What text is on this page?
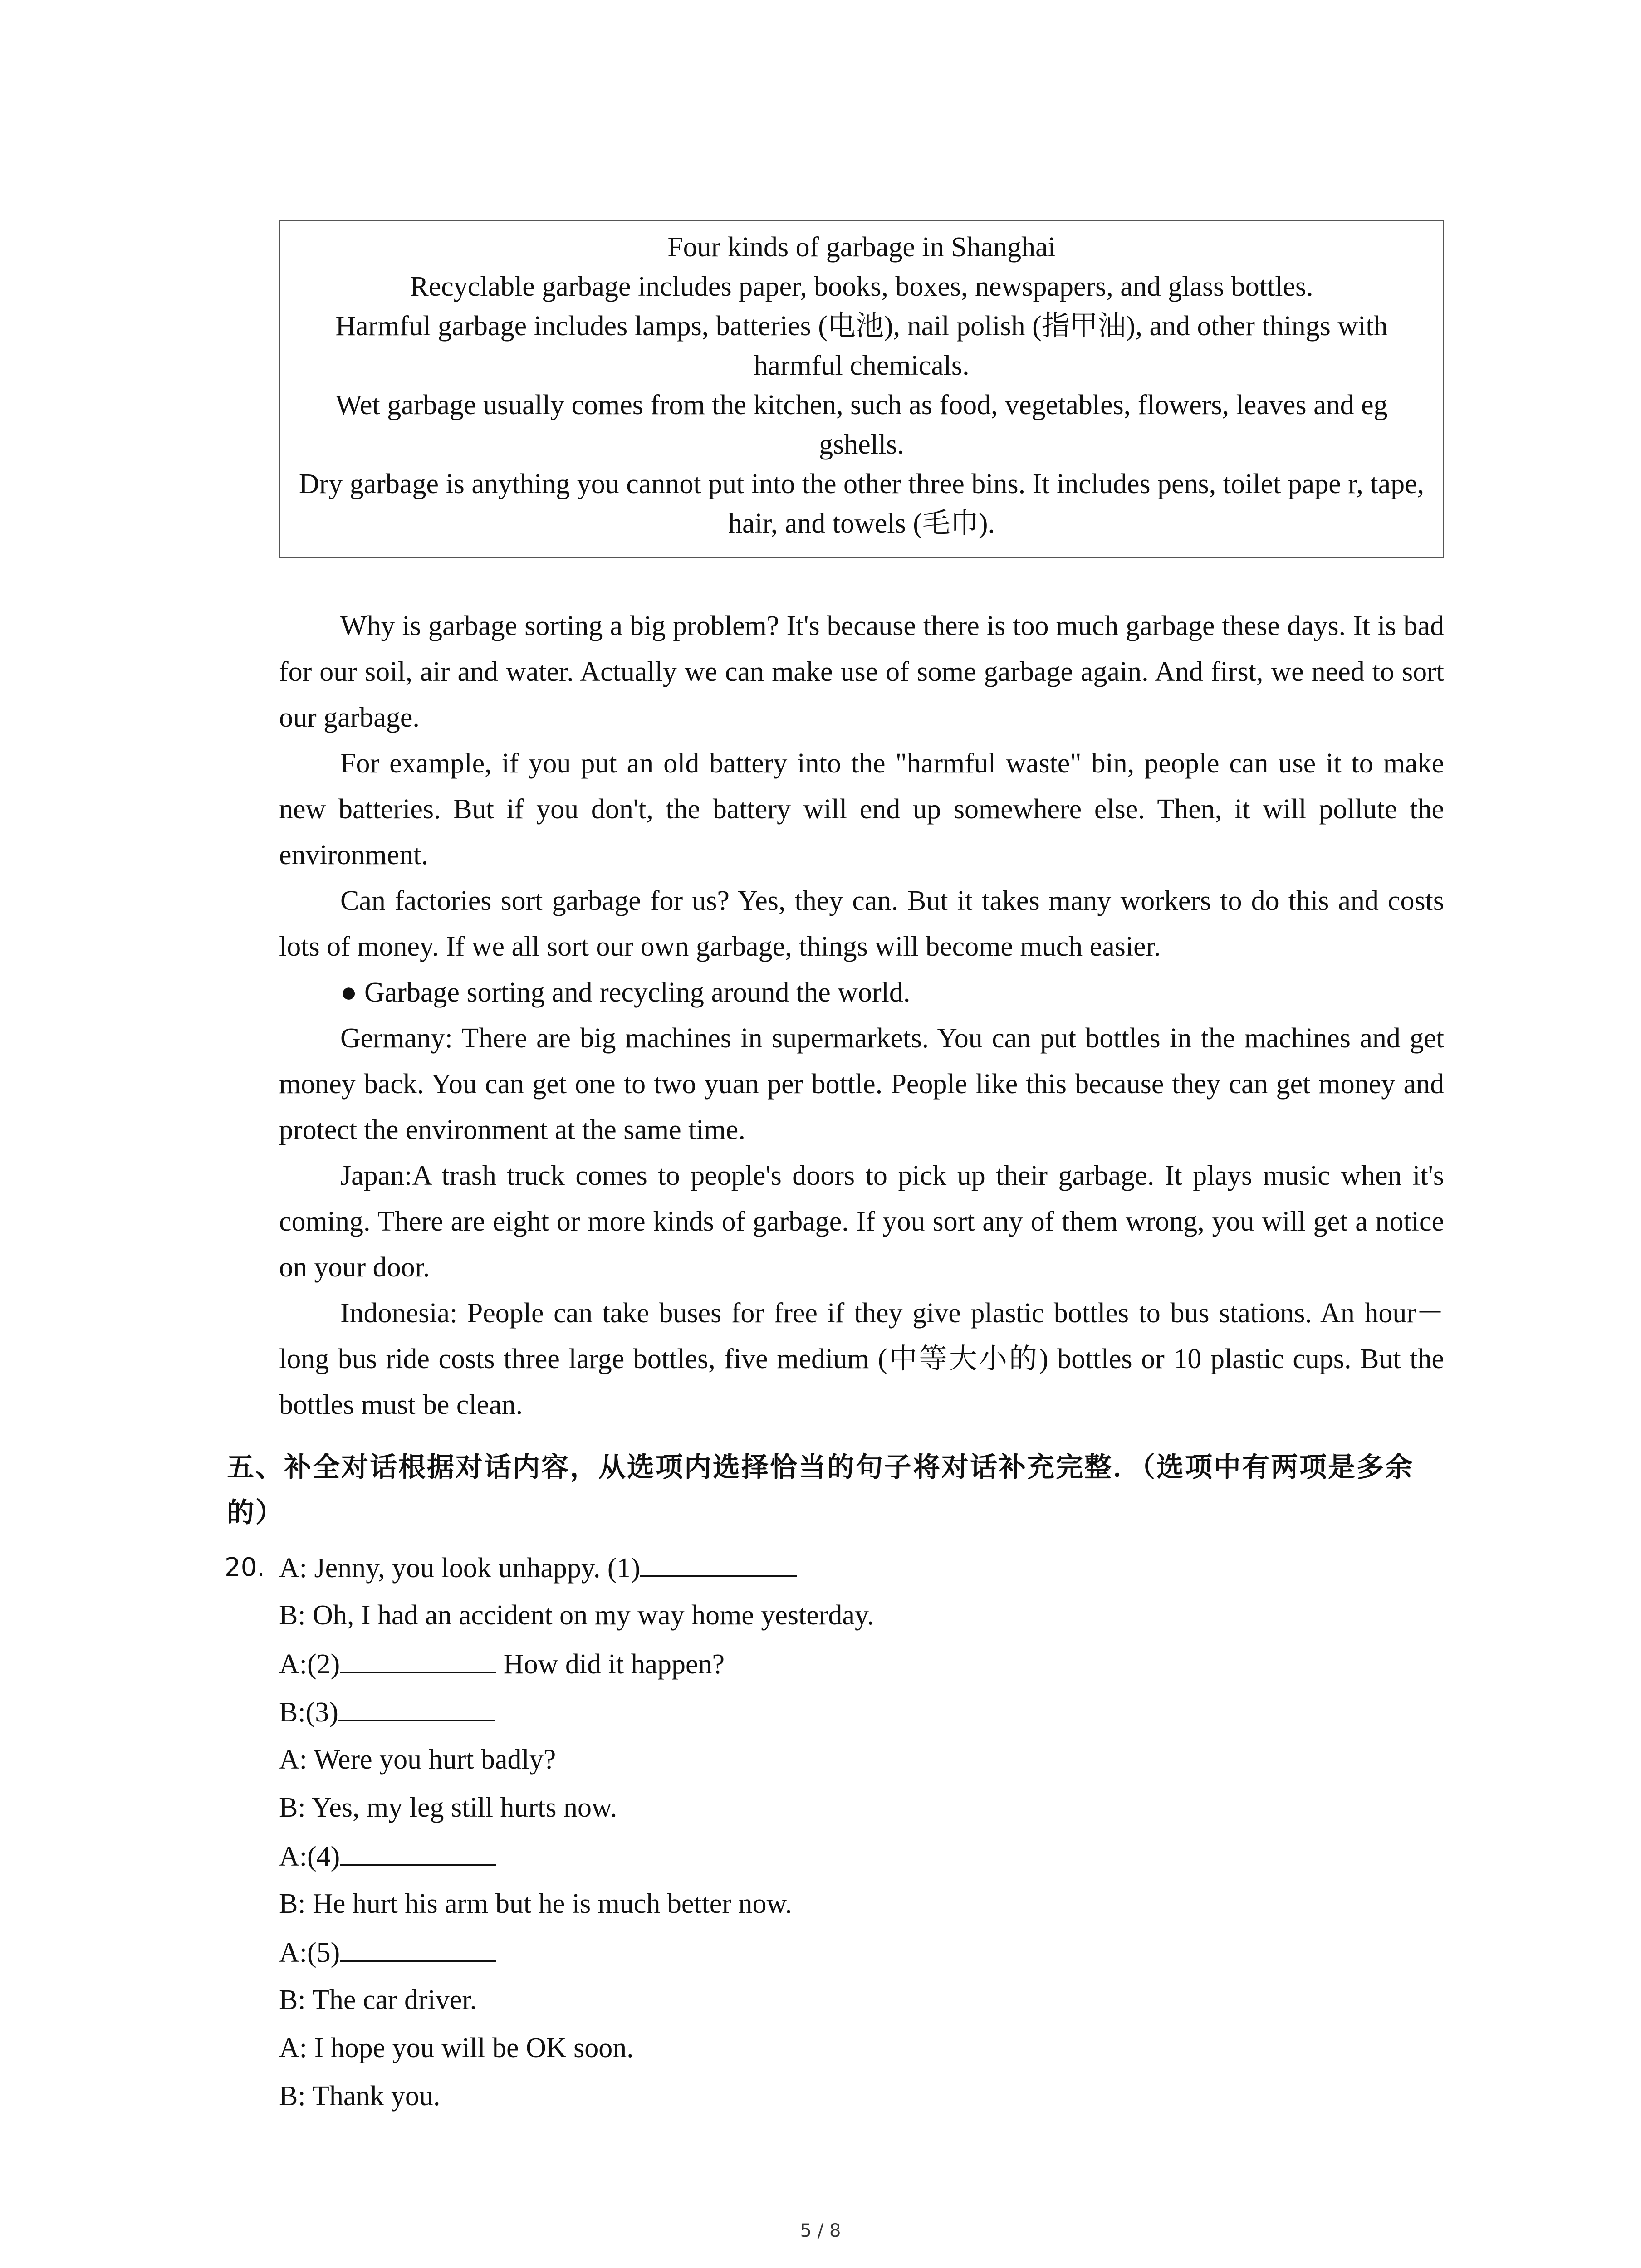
Four kinds of garbage in Shanghai

Recyclable garbage includes paper, books, boxes, newspapers, and glass bottles.

Harmful garbage includes lamps, batteries (电池), nail polish (指甲油), and other things with harmful chemicals.

Wet garbage usually comes from the kitchen, such as food, vegetables, flowers, leaves and eg gshells.

Dry garbage is anything you cannot put into the other three bins. It includes pens, toilet pape r, tape, hair, and towels (毛巾).

Why is garbage sorting a big problem? It's because there is too much garbage these days. It is bad for our soil, air and water. Actually we can make use of some garbage again. And first, we need to sort our garbage.

For example, if you put an old battery into the "harmful waste" bin, people can use it to make new batteries. But if you don't, the battery will end up somewhere else. Then, it will pollute the environment.

Can factories sort garbage for us? Yes, they can. But it takes many workers to do this and costs lots of money. If we all sort our own garbage, things will become much easier.

● Garbage sorting and recycling around the world.

Germany: There are big machines in supermarkets. You can put bottles in the machines and get money back. You can get one to two yuan per bottle. People like this because they can get money and protect the environment at the same time.

Japan:A trash truck comes to people's doors to pick up their garbage. It plays music when it's coming. There are eight or more kinds of garbage. If you sort any of them wrong, you will get a notice on your door.

Indonesia: People can take buses for free if they give plastic bottles to bus stations. An hour－long bus ride costs three large bottles, five medium (中等大小的) bottles or 10 plastic cups. But the bottles must be clean.

五、补全对话根据对话内容，从选项内选择恰当的句子将对话补充完整．（选项中有两项是多余的）
20. A: Jenny, you look unhappy. (1)
B: Oh, I had an accident on my way home yesterday.
A:(2)	How did it happen?
B:(3)
A: Were you hurt badly?
B: Yes, my leg still hurts now.
A:(4)
B: He hurt his arm but he is much better now.
A:(5)
B: The car driver.
A: I hope you will be OK soon.
B: Thank you.
5 / 8
